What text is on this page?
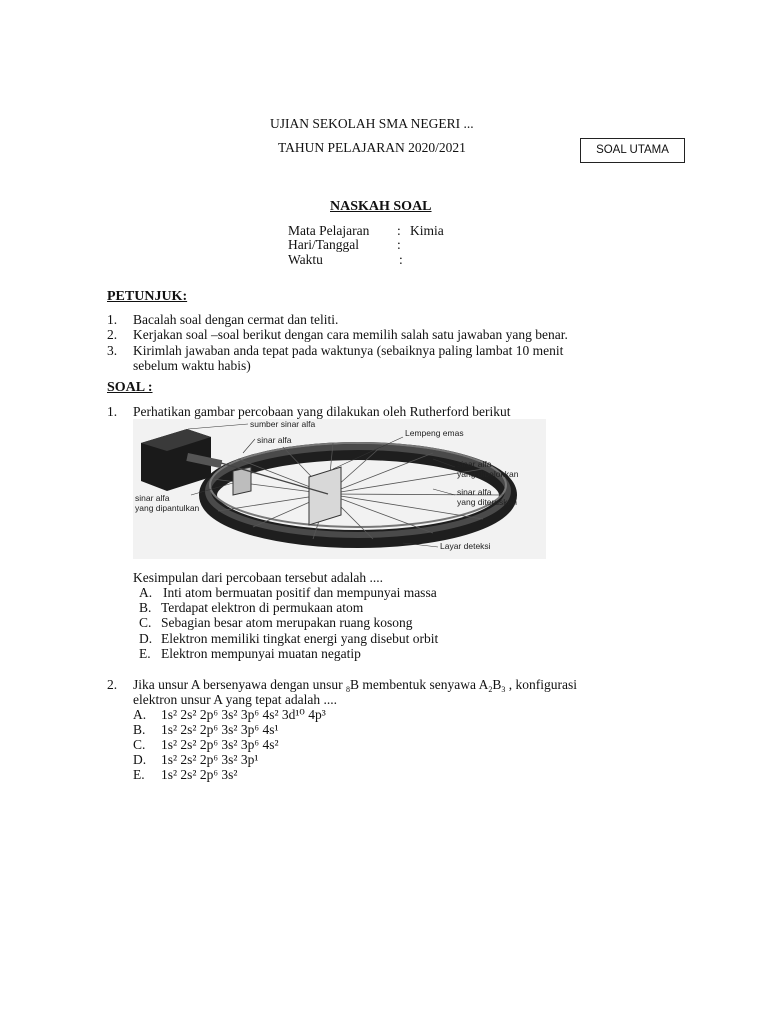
UJIAN SEKOLAH SMA NEGERI ...
TAHUN PELAJARAN 2020/2021	SOAL UTAMA
NASKAH SOAL
Mata Pelajaran : Kimia
Hari/Tanggal	:
Waktu	:
PETUNJUK:
1. Bacalah soal dengan cermat dan teliti.
2. Kerjakan soal –soal berikut dengan cara memilih salah satu jawaban yang benar.
3. Kirimlah jawaban anda tepat pada waktunya (sebaiknya paling lambat 10 menit
sebelum waktu habis)
SOAL :
1. Perhatikan gambar percobaan yang dilakukan oleh Rutherford berikut
sumber sinar alfa
sinar alfa
Lempeng emas
sinar alfa
yang dibelokkan
sinar alfa
yang diteruskan
sinar alfa
yang dipantulkan
Layar deteksi
Kesimpulan dari percobaan tersebut adalah ....
A. Inti atom bermuatan positif dan mempunyai massa
B. Terdapat elektron di permukaan atom
C. Sebagian besar atom merupakan ruang kosong
D. Elektron memiliki tingkat energi yang disebut orbit
E. Elektron mempunyai muatan negatip
2. Jika unsur A bersenyawa dengan unsur $_8$B membentuk senyawa $A_2B_3$ , konfigurasi
elektron unsur A yang tepat adalah ....
A. 1s² 2s² 2p⁶ 3s² 3p⁶ 4s² 3d¹⁰ 4p³
B. 1s² 2s² 2p⁶ 3s² 3p⁶ 4s¹
C. 1s² 2s² 2p⁶ 3s² 3p⁶ 4s²
D. 1s² 2s² 2p⁶ 3s² 3p¹
E. 1s² 2s² 2p⁶ 3s²
